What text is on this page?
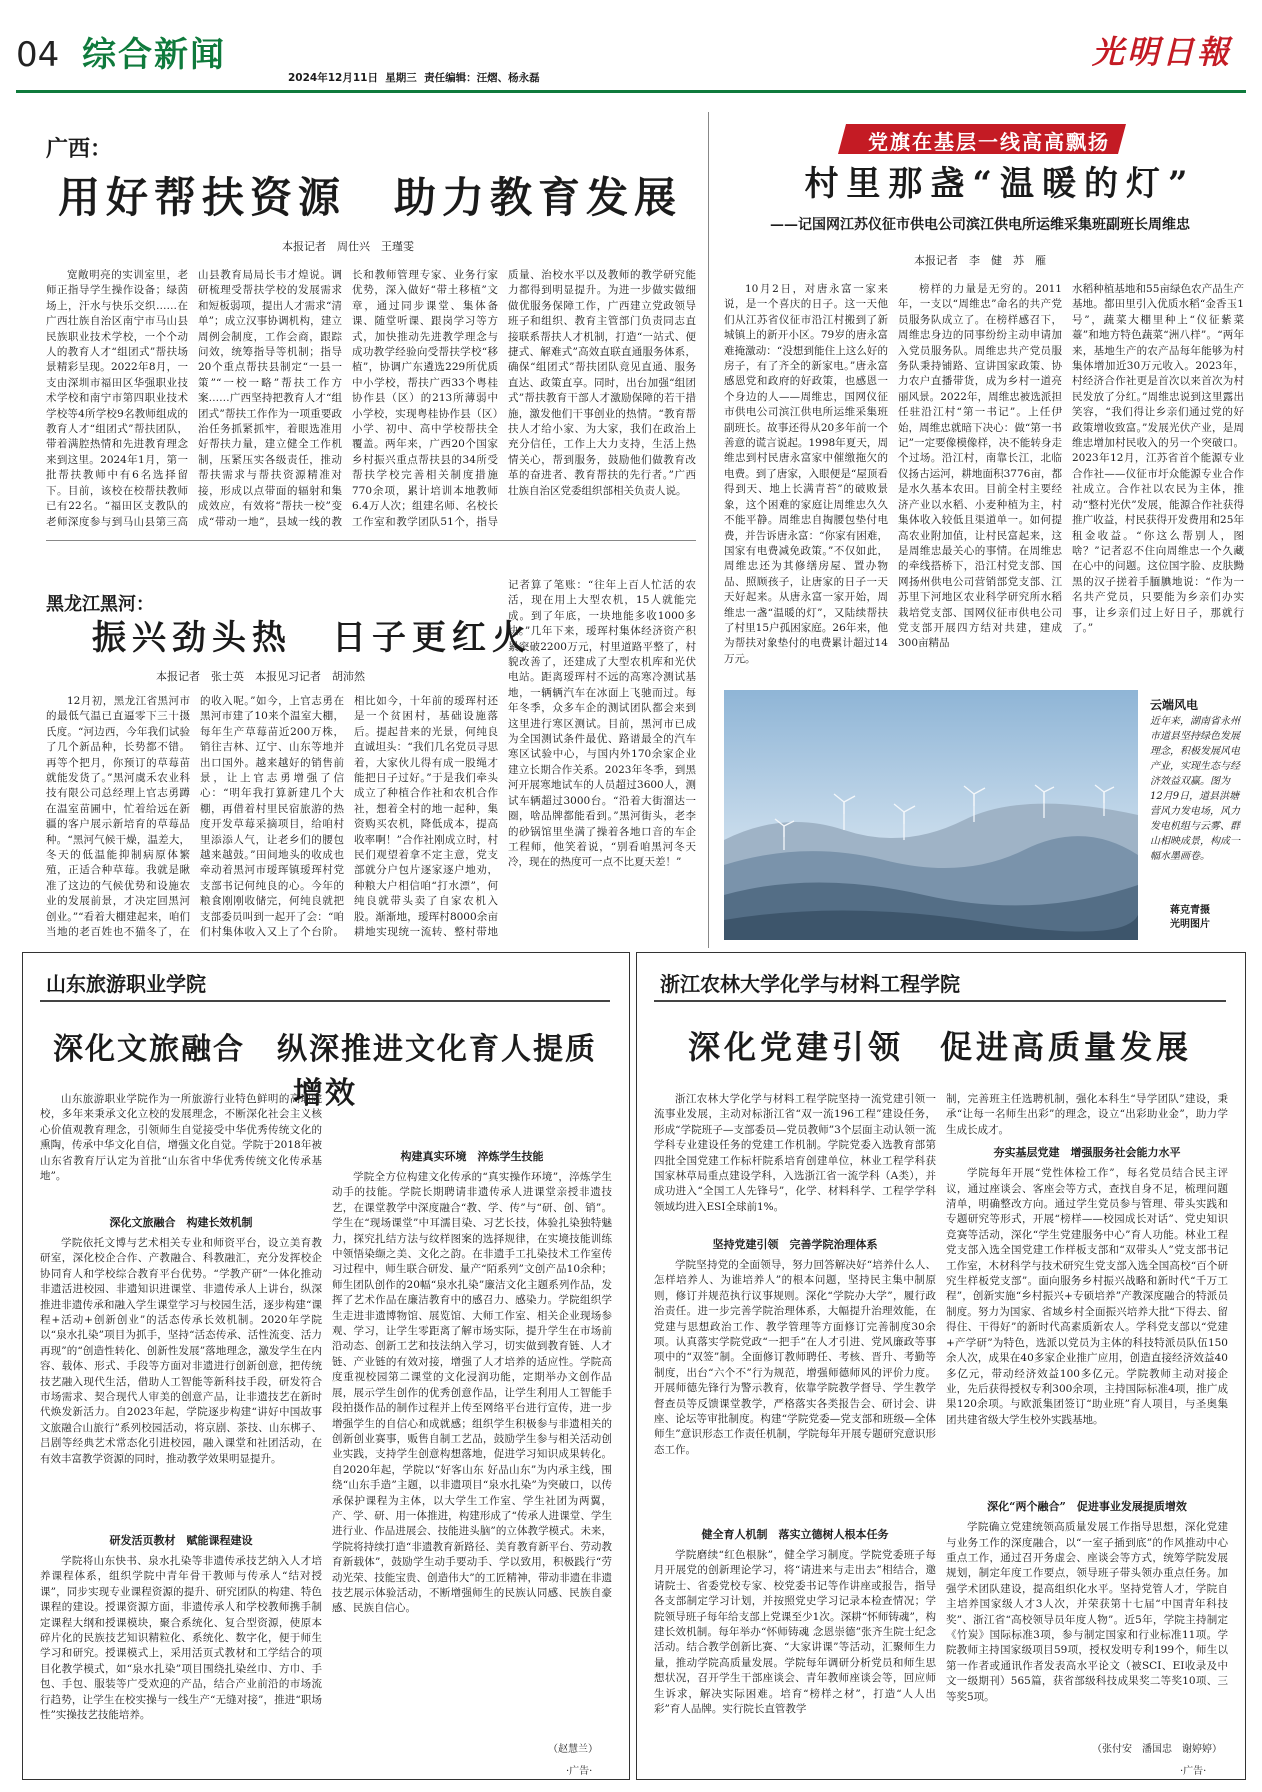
04 综合新闻
2024年12月11日 星期三 责任编辑：汪熠、杨永磊
光明日報
广西：
用好帮扶资源　助力教育发展
本报记者　周仕兴　王瑾雯
宽敞明亮的实训室里，老师正指导学生操作设备；绿茵场上，汗水与快乐交织……在广西壮族自治区南宁市马山县民族职业技术学校，一个个动人的教育人才“组团式”帮扶场景精彩呈现。2022年8月，一支由深圳市福田区华强职业技术学校和南宁市第四职业技术学校等4所学校9名教师组成的教育人才“组团式”帮扶团队，带着满腔热情和先进教育理念来到这里。2024年1月，第一批帮扶教师中有6名选择留下。目前，该校在校帮扶教师已有22名。“福田区支教队的老师深度参与到马山县第三高
山县教育局局长韦才煌说。调研梳理受帮扶学校的发展需求和短板弱项，提出人才需求“清单”；成立汉事协调机构，建立周例会制度，工作会商，跟踪问效，统筹指导等机制；指导20个重点帮扶县制定“一县一策”“一校一略”帮扶工作方案……广西坚持把教育人才“组团式”帮扶工作作为一项重要政治任务抓紧抓牢，着眼选准用好帮扶力量，建立健全工作机制，压紧压实各级责任，推动帮扶需求与帮扶资源精准对接，形成以点带面的辐射和集成效应，有效将“帮扶一校”变成“带动一地”，县域一线的教
长和教师管理专家、业务行家优势，深入做好“带土移植”文章，通过同步课堂、集体备课、随堂听课、跟岗学习等方式，加快推动先进教学理念与成功教学经验向受帮扶学校“移植”，协调广东遴选229所优质中小学校，帮扶广西33个粤桂协作县（区）的213所薄弱中小学校，实现粤桂协作县（区）小学、初中、高中学校帮扶全覆盖。两年来，广西20个国家乡村振兴重点帮扶县的34所受帮扶学校完善相关制度措施770余项，累计培训本地教师6.4万人次；组建名师、名校长工作室和教学团队51个，指导
质量、治校水平以及教师的教学研究能力都得到明显提升。为进一步做实做细做优服务保障工作，广西建立党政领导班子和组织、教育主管部门负责同志直接联系帮扶人才机制，打造“一站式、便捷式、解难式”高效直联直通服务体系，确保“组团式”帮扶团队竟见直通、服务直达、政策直享。同时，出台加强“组团式”帮扶教育干部人才激励保障的若干措施，激发他们干事创业的热情。“教育帮扶人才给小家、为大家，我们在政治上充分信任，工作上大力支持，生活上热情关心，帮到服务，鼓励他们做教育改革的奋进者、教育帮扶的先行者。”广西壮族自治区党委组织部相关负责人说。
黑龙江黑河：
振兴劲头热　日子更红火
本报记者　张士英　本报见习记者　胡沛然
12月初，黑龙江省黑河市的最低气温已直逼零下三十摄氏度。“河边西，今年我们试验了几个新品种，长势都不错。再等个把月，你预订的草莓苗就能发货了。”黑河虞禾农业科技有限公司总经理上官志勇蹲在温室苗圃中，忙着给远在新疆的客户展示新培育的草莓品种。“黑河气候干燥，温差大，冬天的低温能抑制病原体繁殖，正适合种草莓。我就是瞅准了这边的气候优势和设施农业的发展前景，才决定回黑河创业。”“看着大棚建起来，咱们当地的老百姓也不猫冬了，在
的收入呢。”如今，上官志勇在黑河市建了10来个温室大棚，每年生产草莓苗近200万株，销往吉林、辽宁、山东等地并出口国外。越来越好的销售前景，让上官志勇增强了信心：“明年我打算新建几个大棚，再借着村里民宿旅游的热度开发草莓采摘项目，给咱村里添添人气，让老乡们的腰包越来越鼓。”田间地头的收成也牵动着黑河市瑷珲镇瑷珲村党支部书记何纯良的心。今年的粮食刚刚收储完，何纯良就把支部委员叫到一起开了会：“咱们村集体收入又上了个台阶。
相比如今，十年前的瑷珲村还是一个贫困村，基础设施落后。提起昔来的光景，何纯良直诚坦头：“我们几名党员寻思着，大家伙儿得有成一股绳才能把日子过好。”于是我们牵头成立了种植合作社和农机合作社，想着全村的地一起种，集资购买农机，降低成本，提高收率啊！”合作社刚成立时，村民们观望着拿不定主意，党支部就分户包片逐家逐户地劝，种粮大户相信咱“打水漂”，何纯良就带头卖了自家农机入股。渐渐地，瑷珲村8000余亩耕地实现统一流转、整村带地
记者算了笔账：“往年上百人忙活的农活，现在用上大型农机，15人就能完成。到了年底，一块地能多收1000多块。”几年下来，瑷珲村集体经济资产积累突破2200万元，村里道路平整了，村貌改善了，还建成了大型农机库和光伏电站。距离瑷珲村不远的高寒冷测试基地，一辆辆汽车在冰面上飞驰而过。每年冬季，众多车企的测试团队都会来到这里进行寒区测试。目前，黑河市已成为全国测试条件最优、路谱最全的汽车寒区试验中心，与国内外170余家企业建立长期合作关系。2023年冬季，到黑河开展寒地试车的人员超过3600人，测试车辆超过3000台。“沿着大街溜达一圈，啥品牌都能看到。”黑河街头，老李的砂锅馆里坐满了操着各地口音的车企工程师，他笑着说，“别看咱黑河冬天冷，现在的热度可一点不比夏天差！”
党旗在基层一线高高飘扬
村里那盏“温暖的灯”
——记国网江苏仪征市供电公司滨江供电所运维采集班副班长周维忠
本报记者　李　健　苏　雁
10月2日，对唐永富一家来说，是一个喜庆的日子。这一天他们从江苏省仪征市沿江村搬到了新城镇上的新开小区。79岁的唐永富难掩激动：“没想到能住上这么好的房子，有了齐全的新家电。”唐永富感恩党和政府的好政策，也感恩一个身边的人——周维忠，国网仪征市供电公司滨江供电所运维采集班副班长。故事还得从20多年前一个善意的谎言说起。1998年夏天，周维忠到村民唐永富家中催缴拖欠的电费。到了唐家，入眼便是“屋顶看得到天、地上长满青苔”的破败景象，这个困难的家庭让周维忠久久不能平静。周维忠自掏腰包垫付电费，并告诉唐永富：“你家有困难，国家有电费减免政策。”不仅如此，周维忠还为其修缮房屋、置办物品、照顾孩子，让唐家的日子一天天好起来。从唐永富一家开始，周维忠一盏“温暖的灯”，又陆续帮扶了村里15户孤困家庭。26年来，他为帮扶对象垫付的电费累计超过14万元。
榜样的力量是无穷的。2011年，一支以“周维忠”命名的共产党员服务队成立了。在榜样感召下，周维忠身边的同事纷纷主动申请加入党员服务队。周维忠共产党员服务队秉持铺路、宣讲国家政策、协力农户直播带货，成为乡村一道亮丽风景。2022年，周维忠被选派担任驻沿江村“第一书记”。上任伊始，周维忠就暗下决心：做“第一书记”一定要像模像样，决不能转身走个过场。沿江村，南靠长江，北临仪扬古运河，耕地面积3776亩，都是水久基本农田。目前全村主要经济产业以水稻、小麦种植为主，村集体收入较低且渠道单一。如何提高农业附加值，让村民富起来，这是周维忠最关心的事情。在周维忠的牵线搭桥下，沿江村党支部、国网扬州供电公司营销部党支部、江苏里下河地区农业科学研究所水稻栽培党支部、国网仪征市供电公司党支部开展四方结对共建，建成300亩精品
水稻种植基地和55亩绿色农产品生产基地。都田里引入优质水稻“金香玉1号”，蔬菜大棚里种上“仪征紫菜薹”和地方特色蔬菜“洲八样”。“两年来，基地生产的农产品每年能够为村集体增加近30万元收入。2023年，村经济合作社更是首次以来首次为村民发放了分红。”周维忠说到这里露出笑容，“我们得让乡亲们通过党的好政策增收致富。”发展光伏产业，是周维忠增加村民收入的另一个突破口。2023年12月，江苏省首个能源专业合作社——仪征市圩众能源专业合作社成立。合作社以农民为主体，推动“整村光伏”发展，能源合作社获得推广收益，村民获得开发费用和25年租金收益。“你这么帮别人，图啥？”记者忍不住向周维忠一个久藏在心中的问题。这位国字脸、皮肤黝黑的汉子搓着手腼腆地说：“作为一名共产党员，只要能为乡亲们办实事，让乡亲们过上好日子，那就行了。”
云端风电
近年来，湖南省永州市道县坚持绿色发展理念，积极发展风电产业，实现生态与经济效益双赢。图为12月9日，道县洪塘营风力发电场，风力发电机组与云雾、群山相映成景，构成一幅水墨画卷。
蒋克青摄
光明图片
山东旅游职业学院
深化文旅融合　纵深推进文化育人提质增效
山东旅游职业学院作为一所旅游行业特色鲜明的高职院校，多年来秉承文化立校的发展理念，不断深化社会主义核心价值观教育理念，引领师生自觉接受中华优秀传统文化的熏陶，传承中华文化自信，增强文化自觉。学院于2018年被山东省教育厅认定为首批“山东省中华优秀传统文化传承基地”。
深化文旅融合　构建长效机制
学院依托文博与艺术相关专业和师资平台，设立美育教研室，深化校企合作、产教融合、科教融汇，充分发挥校企协同育人和学校综合教育平台优势。“学教产研”一体化推动非遗活进校园、非遗知识进课堂、非遗传承人上讲台，纵深推进非遗传承和融入学生课堂学习与校园生活，逐步构建“课程+活动+创新创业”的活态传承长效机制。2020年学院以“泉水扎染”项目为抓手，坚持“活态传承、活性流变、活力再现”的“创造性转化、创新性发展”落地理念，激发学生在内容、载体、形式、手段等方面对非遗进行创新创意，把传统技艺融入现代生活，借助人工智能等新科技手段，研发符合市场需求、契合现代人审美的创意产品，让非遗技艺在新时代焕发新活力。自2023年起，学院逐步构建“讲好中国故事 文旅融合山旅行”系列校园活动，将京剧、茶技、山东梆子、吕剧等经典艺术常态化引进校园，融入课堂和社团活动，在有效丰富教学资源的同时，推动教学效果明显提升。
研发活页教材　赋能课程建设
学院将山东快书、泉水扎染等非遗传承技艺纳入人才培养课程体系，组织学院中青年骨干教师与传承人“结对授课”，同步实现专业课程资源的提升、研究团队的构建、特色课程的建设。授课资源方面，非遗传承人和学校教师携手制定课程大纲和授课模块，聚合系统化、复合型资源，使原本碎片化的民族技艺知识精粒化、系统化、数字化，便于师生学习和研究。授课模式上，采用活页式教材和工学结合的项目化教学模式，如“泉水扎染”项目围绕扎染丝巾、方巾、手包、手包、服装等广受欢迎的产品，结合产业前沿的市场流行趋势，让学生在校实操与一线生产“无缝对接”，推进“职场性”实操技艺技能培养。
构建真实环境　淬炼学生技能
学院全方位构建文化传承的“真实操作环境”，淬炼学生动手的技能。学院长期聘请非遗传承人进课堂亲授非遗技艺，在课堂教学中深度融合“教、学、传”与“研、创、销”。学生在“现场课堂”中耳濡目染、习艺长技，体验扎染独特魅力，探究扎结方法与纹样图案的选择规律，在实境技能训练中领悟染缬之美、文化之韵。在非遗手工扎染技术工作室传习过程中，师生联合研发、量产“陌系列”文创产品10余种；师生团队创作的20幅“泉水扎染”廉洁文化主题系列作品，发挥了艺术作品在廉洁教育中的感召力、感染力。学院组织学生走进非遗博物馆、展览馆、大师工作室、相关企业现场参观、学习，让学生零距离了解市场实际，提升学生在市场前沿动态、创新工艺和技法纳入学习，切实做到教育链、人才链、产业链的有效对接，增强了人才培养的适应性。学院高度重视校园第二课堂的文化浸润功能，定期举办文创作品展，展示学生创作的优秀创意作品，让学生利用人工智能手段拍摄作品的制作过程并上传至网络平台进行宣传，进一步增强学生的自信心和成就感；组织学生积极参与非遗相关的创新创业赛事，贩售自制工艺品，鼓励学生参与相关活动创业实践，支持学生创意构想落地，促进学习知识成果转化。自2020年起，学院以“好客山东 好品山东”为内承主线，围绕“山东手造”主题，以非遗项目“泉水扎染”为突破口，以传承保护课程为主体，以大学生工作室、学生社团为两翼，产、学、研、用一体推进，构建形成了“传承人进课堂、学生进行业、作品进展会、技能进头脑”的立体教学模式。未来，学院将持续打造“非遗教育新路径、美育教育新平台、劳动教育新载体”，鼓励学生动手要动手、学以致用，积极践行“劳动光荣、技能宝贵、创造伟大”的工匠精神，带动非遗在非遗技艺展示体验活动，不断增强师生的民族认同感、民族自豪感、民族自信心。
（赵慧兰）
·广告·
浙江农林大学化学与材料工程学院
深化党建引领　促进高质量发展
浙江农林大学化学与材料工程学院坚持一流党建引领一流事业发展，主动对标浙江省“双一流196工程”建设任务，形成“学院班子—支部委员—党员教师”3个层面主动认领一流学科专业建设任务的党建工作机制。学院党委入选教育部第四批全国党建工作标杆院系培育创建单位，林业工程学科获国家林草局重点建设学科，入选浙江省一流学科（A类），并成功进入“全国工人先锋号”，化学、材料科学、工程学学科领域均进入ESI全球前1%。
坚持党建引领　完善学院治理体系
学院坚持党的全面领导，努力回答解决好“培养什么人、怎样培养人、为谁培养人”的根本问题，坚持民主集中制原则，修订并规范执行议事规则。深化“学院办大学”，履行政治责任。进一步完善学院治理体系，大幅提升治理效能，在党建与思想政治工作、教学管理等方面修订完善制度30余项。认真落实学院党政“一把手”在人才引进、党风廉政等事项中的“双签”制。全面修订教师聘任、考核、晋升、考勤等制度，出台“六个不”行为规范，增强师德师风的评价力度。开展师德先锋行为警示教育，依靠学院教学督导、学生教学督查员等反馈课堂教学，严格落实各类报告会、研讨会、讲座、论坛等审批制度。构建“学院党委—党支部和班级—全体师生”意识形态工作责任机制，学院每年开展专题研究意识形态工作。
健全育人机制　落实立德树人根本任务
学院磨续“红色根脉”，健全学习制度。学院党委班子每月开展党的创新理论学习，将“请进来与走出去”相结合，邀请院士、省委党校专家、校党委书记等作讲座或报告，指导各支部制定学习计划，并按照党史学习记录本检查情况；学院领导班子每年给支部上党课至少1次。深耕“怀师铸魂”，构建长效机制。每年举办“怀师铸魂 念恩崇德”张齐生院士纪念活动。结合教学创新比赛、“大家讲课”等活动，汇聚师生力量，推动学院高质量发展。学院每年调研分析党员和师生思想状况，召开学生干部座谈会、青年教师座谈会等，回应师生诉求，解决实际困难。培育“榜样之材”，打造“人人出彩”育人品牌。实行院长直管教学
制，完善班主任选聘机制，强化本科生“导学团队”建设，秉承“让每一名师生出彩”的理念，设立“出彩助业金”，助力学生成长成才。
夯实基层党建　增强服务社会能力水平
学院每年开展“党性体检工作”，每名党员结合民主评议，通过座谈会、客座会等方式，查找自身不足，梳理问题清单，明确整改方向。通过学生党员参与管理、带头实践和专题研究等形式，开展“榜样——校园成长对话”、党史知识竞赛等活动，深化“学生党建服务中心”育人功能。林业工程党支部入选全国党建工作样板支部和“双带头人”党支部书记工作室，木材科学与技术研究生党支部入选全国高校“百个研究生样板党支部”。面向服务乡村振兴战略和新时代“千万工程”，创新实施“乡村振兴+专硕培养”产教深度融合的特派员制度。努力为国家、省域乡村全面振兴培养大批“下得去、留得住、干得好”的新时代高素质新农人。学科党支部以“党建+产学研”为特色，选派以党员为主体的科技特派员队伍150余人次，成果在40多家企业推广应用，创造直接经济效益40多亿元，带动经济效益100多亿元。学院教师主动对接企业，先后获得授权专利300余项，主持国际标准4项，推广成果120余项。与欧派集团签订“助业班”育人项目，与圣奥集团共建省级大学生校外实践基地。
深化“两个融合”　促进事业发展提质增效
学院确立党建统领高质量发展工作指导思想，深化党建与业务工作的深度融合，以“一室子插到底”的作风推动中心重点工作，通过召开务虚会、座谈会等方式，统筹学院发展规划，制定年度工作要点，领导班子带头领办重点任务。加强学术团队建设，提高组织化水平。坚持党管人才，学院自主培养国家级人才3人次，并荣获第十七届“中国青年科技奖”、浙江省“高校领导员年度人物”。近5年，学院主持制定《竹炭》国际标准3项，参与制定国家和行业标准11项。学院教师主持国家级项目59项，授权发明专利199个，师生以第一作者或通讯作者发表高水平论文（被SCI、EI收录及中文一级期刊）565篇，获省部级科技成果奖二等奖10项、三等奖5项。
（张付安　潘国忠　谢婷婷）
·广告·
